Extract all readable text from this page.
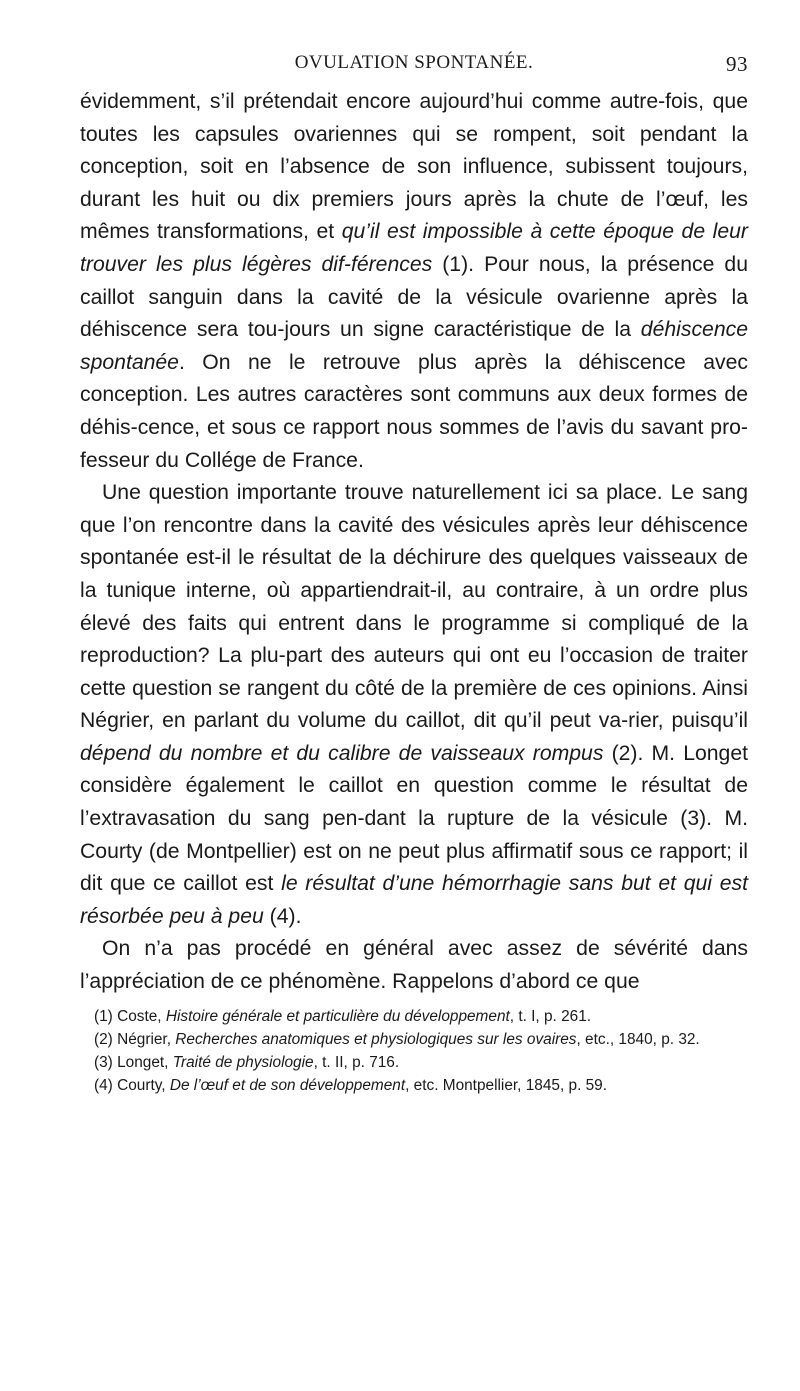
OVULATION SPONTANÉE.	93

évidemment, s’il prétendait encore aujourd’hui comme autre-fois, que toutes les capsules ovariennes qui se rompent, soit pendant la conception, soit en l’absence de son influence, subissent toujours, durant les huit ou dix premiers jours après la chute de l’œuf, les mêmes transformations, et qu’il est impossible à cette époque de leur trouver les plus légères dif-férences (1). Pour nous, la présence du caillot sanguin dans la cavité de la vésicule ovarienne après la déhiscence sera tou-jours un signe caractéristique de la déhiscence spontanée. On ne le retrouve plus après la déhiscence avec conception. Les autres caractères sont communs aux deux formes de déhis-cence, et sous ce rapport nous sommes de l’avis du savant pro-fesseur du Collége de France.

Une question importante trouve naturellement ici sa place. Le sang que l’on rencontre dans la cavité des vésicules après leur déhiscence spontanée est-il le résultat de la déchirure des quelques vaisseaux de la tunique interne, où appartiendrait-il, au contraire, à un ordre plus élevé des faits qui entrent dans le programme si compliqué de la reproduction? La plu-part des auteurs qui ont eu l’occasion de traiter cette question se rangent du côté de la première de ces opinions. Ainsi Négrier, en parlant du volume du caillot, dit qu’il peut va-rier, puisqu’il dépend du nombre et du calibre de vaisseaux rompus (2). M. Longet considère également le caillot en question comme le résultat de l’extravasation du sang pen-dant la rupture de la vésicule (3). M. Courty (de Montpellier) est on ne peut plus affirmatif sous ce rapport; il dit que ce caillot est le résultat d’une hémorrhagie sans but et qui est résorbée peu à peu (4).

On n’a pas procédé en général avec assez de sévérité dans l’appréciation de ce phénomène. Rappelons d’abord ce que

(1) Coste, Histoire générale et particulière du développement, t. I, p. 261.

(2) Négrier, Recherches anatomiques et physiologiques sur les ovaires, etc., 1840, p. 32.

(3) Longet, Traité de physiologie, t. II, p. 716.

(4) Courty, De l’œuf et de son développement, etc. Montpellier, 1845, p. 59.
